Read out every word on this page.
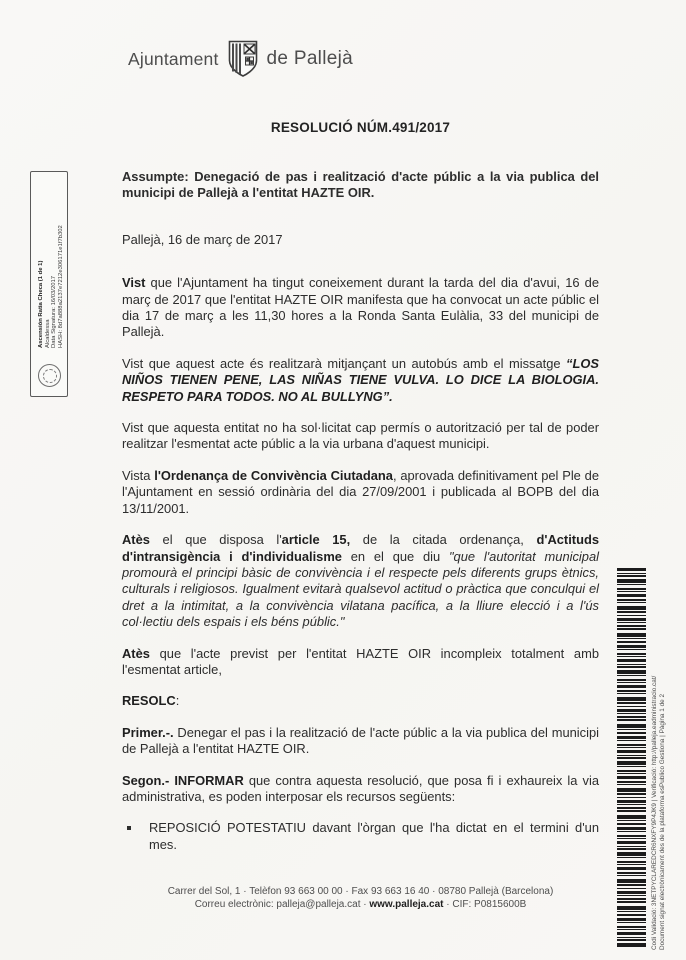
Ajuntament	de Pallejà
RESOLUCIÓ NÚM.491/2017

Assumpte: Denegació de pas i realització d'acte públic a la via publica del municipi de Pallejà a l'entitat HAZTE OIR.

Pallejà, 16 de març de 2017

Vist que l'Ajuntament ha tingut coneixement durant la tarda del dia d'avui, 16 de març de 2017 que l'entitat HAZTE OIR manifesta que ha convocat un acte públic el dia 17 de març a les 11,30 hores a la Ronda Santa Eulàlia, 33 del municipi de Pallejà.

Vist que aquest acte és realitzarà mitjançant un autobús amb el missatge “LOS NIÑOS TIENEN PENE, LAS NIÑAS TIENE VULVA. LO DICE LA BIOLOGIA. RESPETO PARA TODOS. NO AL BULLYNG”.

Vist que aquesta entitat no ha sol·licitat cap permís o autorització per tal de poder realitzar l'esmentat acte públic a la via urbana d'aquest municipi.

Vista l'Ordenança de Convivència Ciutadana, aprovada definitivament pel Ple de l'Ajuntament en sessió ordinària del dia 27/09/2001 i publicada al BOPB del dia 13/11/2001.

Atès el que disposa l'article 15, de la citada ordenança, d'Actituds d'intransigència i d'individualisme en el que diu "que l'autoritat municipal promourà el principi bàsic de convivència i el respecte pels diferents grups ètnics, culturals i religiosos. Igualment evitarà qualsevol actitud o pràctica que conculqui el dret a la intimitat, a la convivència vilatana pacífica, a la lliure elecció i a l'ús col·lectiu dels espais i els béns públic."

Atès que l'acte previst per l'entitat HAZTE OIR incompleix totalment amb l'esmentat article,

RESOLC:

Primer.-. Denegar el pas i la realització de l'acte públic a la via publica del municipi de Pallejà a l'entitat HAZTE OIR.

Segon.- INFORMAR que contra aquesta resolució, que posa fi i exhaureix la via administrativa, es poden interposar els recursos següents:

REPOSICIÓ POTESTATIU davant l'òrgan que l'ha dictat en el termini d'un mes.

Ascensión Ratia Checa (1 de 1) Alcaldessa Data Signatura: 16/03/2017 HASH: 8d7a888a2137e7212e306171e1f7b302
Codi Validació: 3NETPYCLAREDCR6NXFY9P4JK9 | Verificació: http://palleja.eadministracio.cat/ Document signat electrònicament des de la plataforma esPublico Gestiona | Pàgina 1 de 2
Carrer del Sol, 1 · Telèfon 93 663 00 00 · Fax 93 663 16 40 · 08780 Pallejà (Barcelona)
Correu electrònic: palleja@palleja.cat · www.palleja.cat · CIF: P0815600B
